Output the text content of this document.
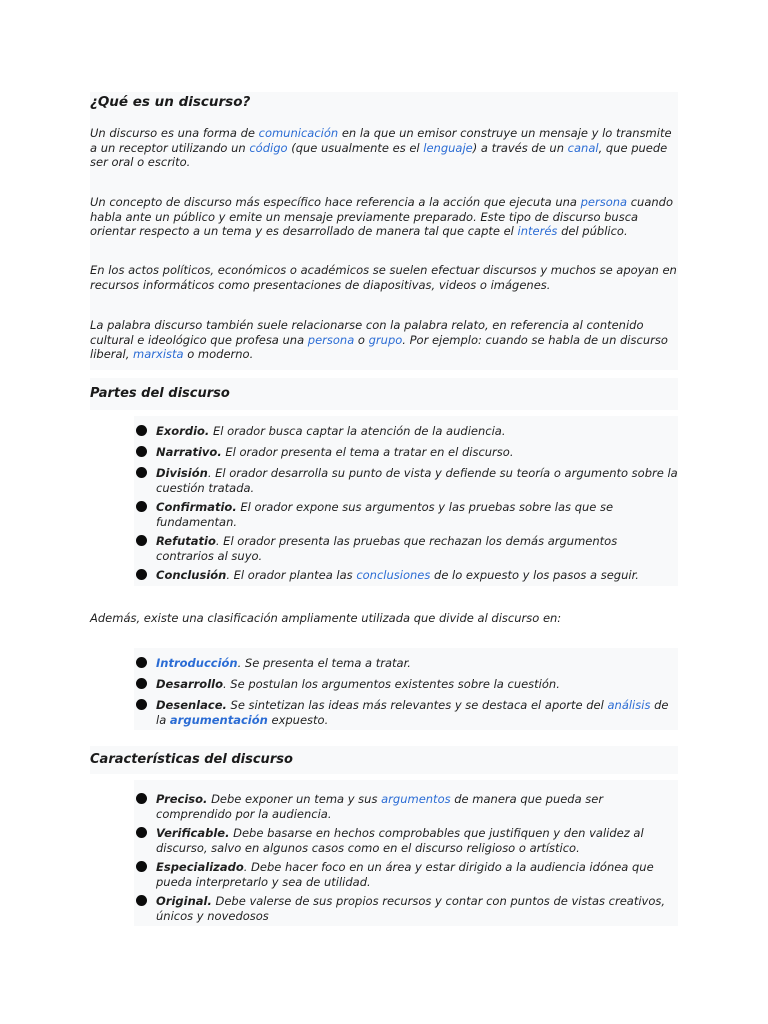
¿Qué es un discurso?
Un discurso es una forma de comunicación en la que un emisor construye un mensaje y lo transmite a un receptor utilizando un código (que usualmente es el lenguaje) a través de un canal, que puede ser oral o escrito.
Un concepto de discurso más específico hace referencia a la acción que ejecuta una persona cuando habla ante un público y emite un mensaje previamente preparado. Este tipo de discurso busca orientar respecto a un tema y es desarrollado de manera tal que capte el interés del público.
En los actos políticos, económicos o académicos se suelen efectuar discursos y muchos se apoyan en recursos informáticos como presentaciones de diapositivas, videos o imágenes.
La palabra discurso también suele relacionarse con la palabra relato, en referencia al contenido cultural e ideológico que profesa una persona o grupo. Por ejemplo: cuando se habla de un discurso liberal, marxista o moderno.
Partes del discurso
Exordio. El orador busca captar la atención de la audiencia.
Narrativo. El orador presenta el tema a tratar en el discurso.
División. El orador desarrolla su punto de vista y defiende su teoría o argumento sobre la cuestión tratada.
Confirmatio. El orador expone sus argumentos y las pruebas sobre las que se fundamentan.
Refutatio. El orador presenta las pruebas que rechazan los demás argumentos contrarios al suyo.
Conclusión. El orador plantea las conclusiones de lo expuesto y los pasos a seguir.
Además, existe una clasificación ampliamente utilizada que divide al discurso en:
Introducción. Se presenta el tema a tratar.
Desarrollo. Se postulan los argumentos existentes sobre la cuestión.
Desenlace. Se sintetizan las ideas más relevantes y se destaca el aporte del análisis de la argumentación expuesto.
Características del discurso
Preciso. Debe exponer un tema y sus argumentos de manera que pueda ser comprendido por la audiencia.
Verificable. Debe basarse en hechos comprobables que justifiquen y den validez al discurso, salvo en algunos casos como en el discurso religioso o artístico.
Especializado. Debe hacer foco en un área y estar dirigido a la audiencia idónea que pueda interpretarlo y sea de utilidad.
Original. Debe valerse de sus propios recursos y contar con puntos de vistas creativos, únicos y novedosos
